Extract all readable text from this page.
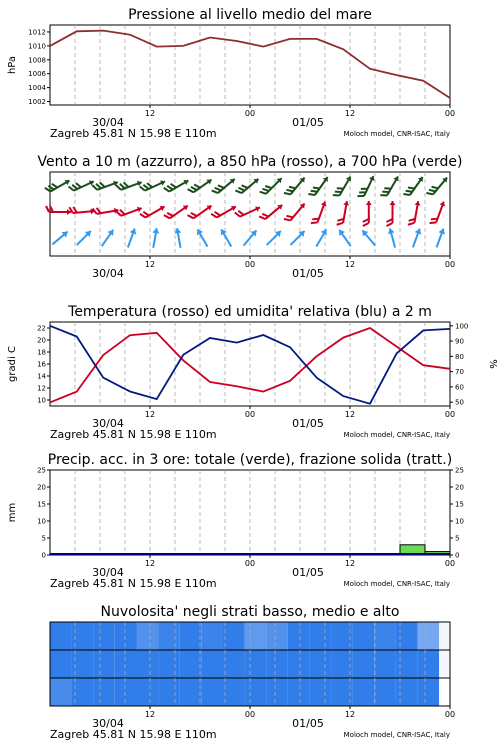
Pressione al livello medio del mare
1002
1004
1006
1008
1010
1012
hPa
12	00	12	00
30/04	01/05
Zagreb 45.81 N 15.98 E 110m	Moloch model, CNR-ISAC, Italy
Vento a 10 m (azzurro), a 850 hPa (rosso), a 700 hPa (verde)
12	00	12	00
30/04	01/05
Temperatura (rosso) ed umidita' relativa (blu) a 2 m
10
12
14
16
18
20
22
50
60
70
80
90
100
gradi C	%
12	00	12	00
30/04	01/05
Zagreb 45.81 N 15.98 E 110m	Moloch model, CNR-ISAC, Italy
Precip. acc. in 3 ore: totale (verde), frazione solida (tratt.)
0	0
5	5
10	10
15	15
20	20
25	25
mm
12	00	12	00
30/04	01/05
Zagreb 45.81 N 15.98 E 110m	Moloch model, CNR-ISAC, Italy
Nuvolosita' negli strati basso, medio e alto
12	00	12	00
30/04	01/05
Zagreb 45.81 N 15.98 E 110m	Moloch model, CNR-ISAC, Italy
